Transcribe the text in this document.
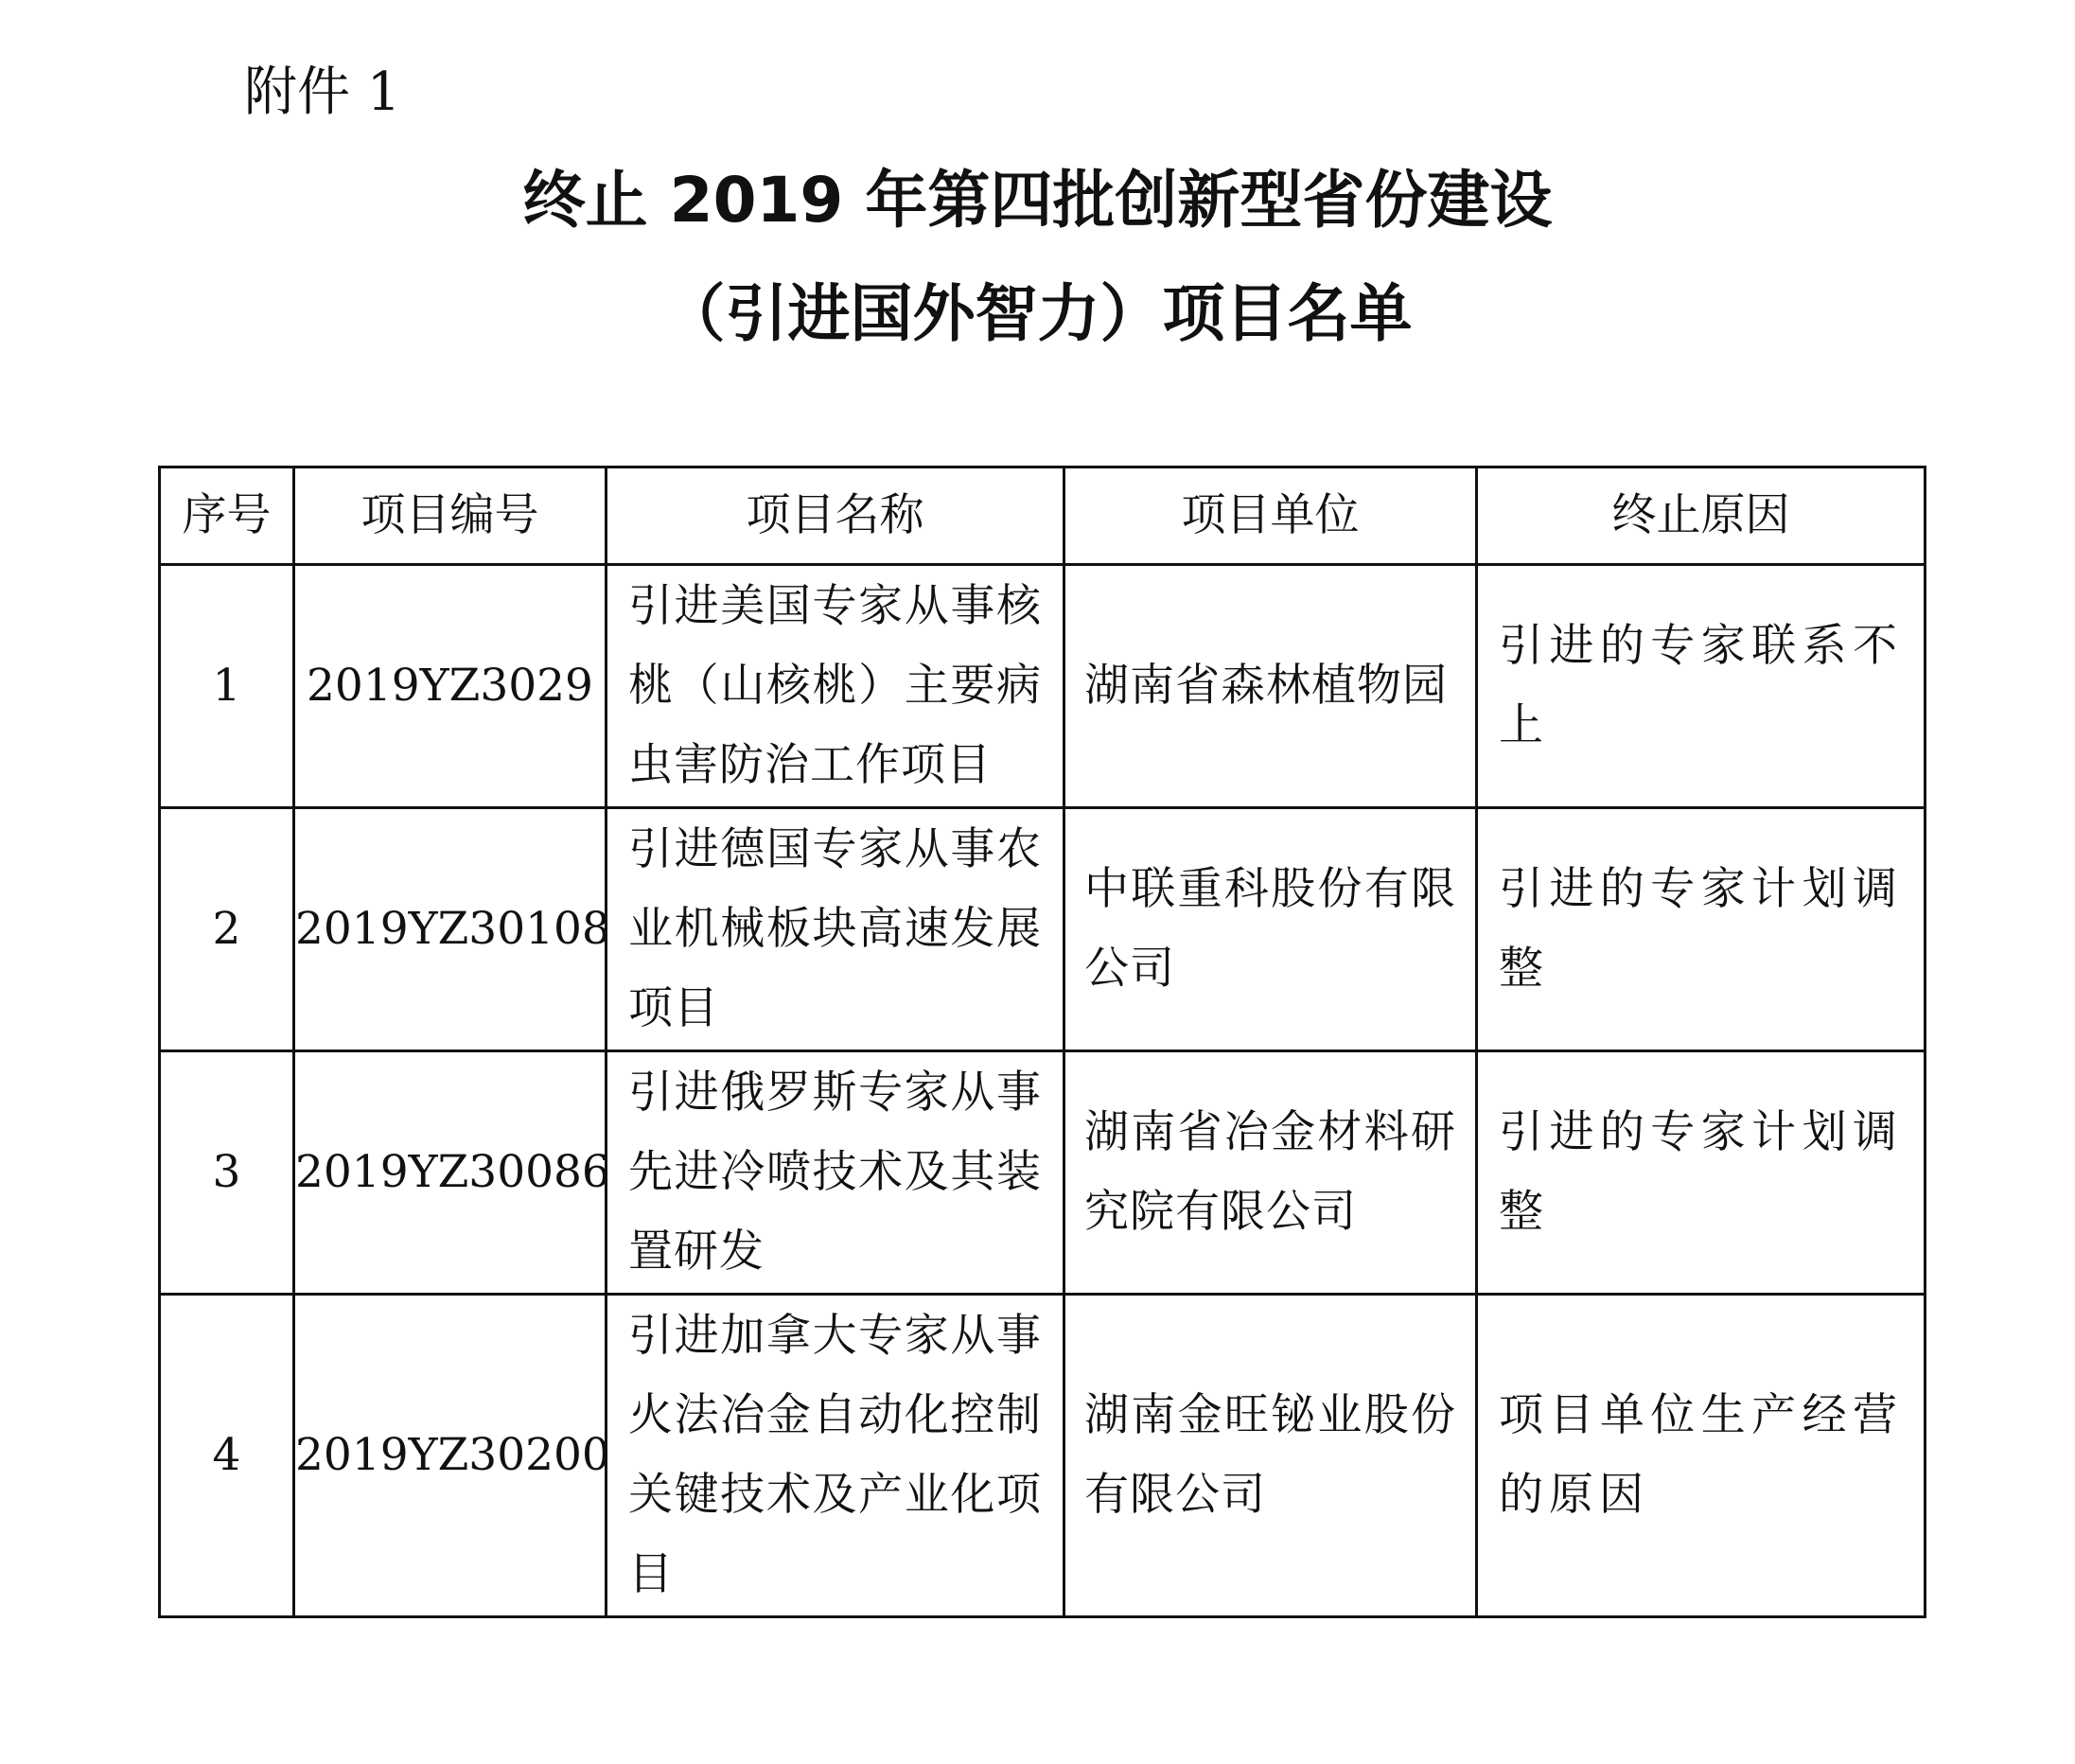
附件 1

终止 2019 年第四批创新型省份建设
（引进国外智力）项目名单
序号	项目编号	项目名称	项目单位	终止原因
1	2019YZ3029	引进美国专家从事核桃（山核桃）主要病虫害防治工作项目	湖南省森林植物园	引进的专家联系不上
2	2019YZ30108	引进德国专家从事农业机械板块高速发展项目	中联重科股份有限公司	引进的专家计划调整
3	2019YZ30086	引进俄罗斯专家从事先进冷喷技术及其装置研发	湖南省冶金材料研究院有限公司	引进的专家计划调整
4	2019YZ30200	引进加拿大专家从事火法冶金自动化控制关键技术及产业化项目	湖南金旺铋业股份有限公司	项目单位生产经营的原因
